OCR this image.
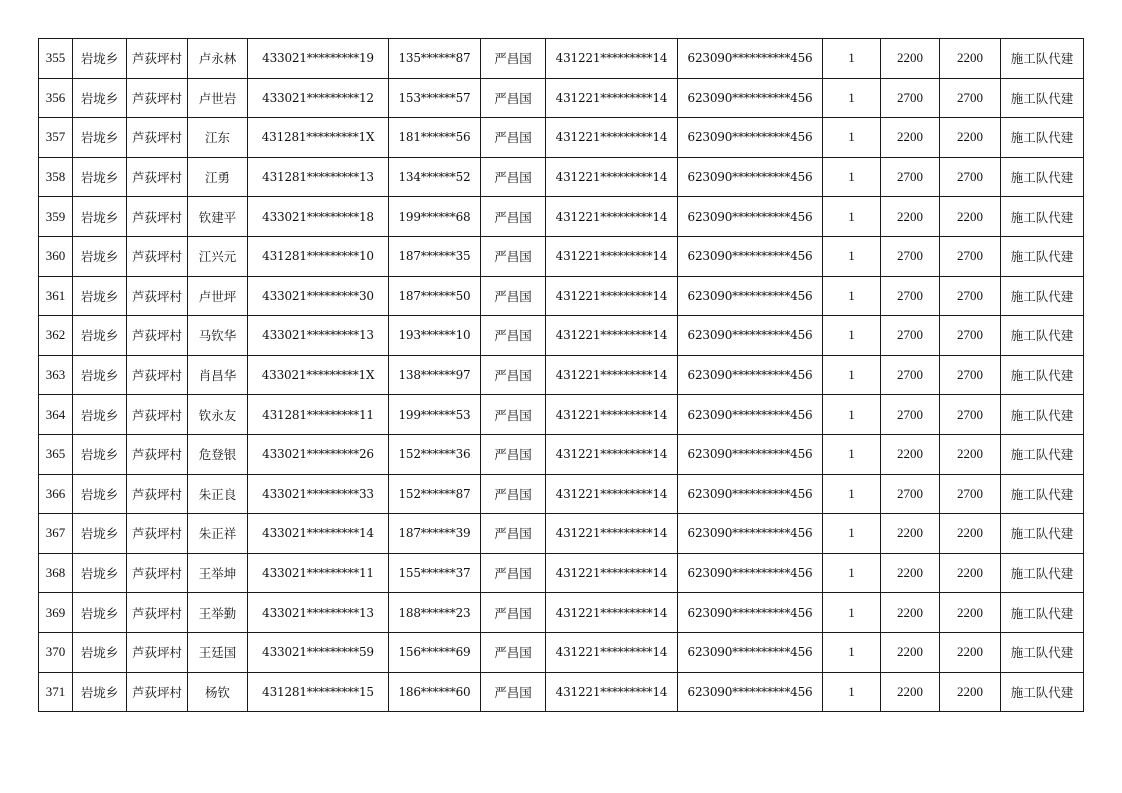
355	岩垅乡	芦荻坪村	卢永林	433021*********19	135******87	严昌国	431221*********14	623090**********456	1	2200	2200	施工队代建
356	岩垅乡	芦荻坪村	卢世岩	433021*********12	153******57	严昌国	431221*********14	623090**********456	1	2700	2700	施工队代建
357	岩垅乡	芦荻坪村	江东	431281*********1X	181******56	严昌国	431221*********14	623090**********456	1	2200	2200	施工队代建
358	岩垅乡	芦荻坪村	江勇	431281*********13	134******52	严昌国	431221*********14	623090**********456	1	2700	2700	施工队代建
359	岩垅乡	芦荻坪村	钦建平	433021*********18	199******68	严昌国	431221*********14	623090**********456	1	2200	2200	施工队代建
360	岩垅乡	芦荻坪村	江兴元	431281*********10	187******35	严昌国	431221*********14	623090**********456	1	2700	2700	施工队代建
361	岩垅乡	芦荻坪村	卢世坪	433021*********30	187******50	严昌国	431221*********14	623090**********456	1	2700	2700	施工队代建
362	岩垅乡	芦荻坪村	马钦华	433021*********13	193******10	严昌国	431221*********14	623090**********456	1	2700	2700	施工队代建
363	岩垅乡	芦荻坪村	肖昌华	433021*********1X	138******97	严昌国	431221*********14	623090**********456	1	2700	2700	施工队代建
364	岩垅乡	芦荻坪村	钦永友	431281*********11	199******53	严昌国	431221*********14	623090**********456	1	2700	2700	施工队代建
365	岩垅乡	芦荻坪村	危登银	433021*********26	152******36	严昌国	431221*********14	623090**********456	1	2200	2200	施工队代建
366	岩垅乡	芦荻坪村	朱正良	433021*********33	152******87	严昌国	431221*********14	623090**********456	1	2700	2700	施工队代建
367	岩垅乡	芦荻坪村	朱正祥	433021*********14	187******39	严昌国	431221*********14	623090**********456	1	2200	2200	施工队代建
368	岩垅乡	芦荻坪村	王举坤	433021*********11	155******37	严昌国	431221*********14	623090**********456	1	2200	2200	施工队代建
369	岩垅乡	芦荻坪村	王举勤	433021*********13	188******23	严昌国	431221*********14	623090**********456	1	2200	2200	施工队代建
370	岩垅乡	芦荻坪村	王廷国	433021*********59	156******69	严昌国	431221*********14	623090**********456	1	2200	2200	施工队代建
371	岩垅乡	芦荻坪村	杨钦	431281*********15	186******60	严昌国	431221*********14	623090**********456	1	2200	2200	施工队代建
